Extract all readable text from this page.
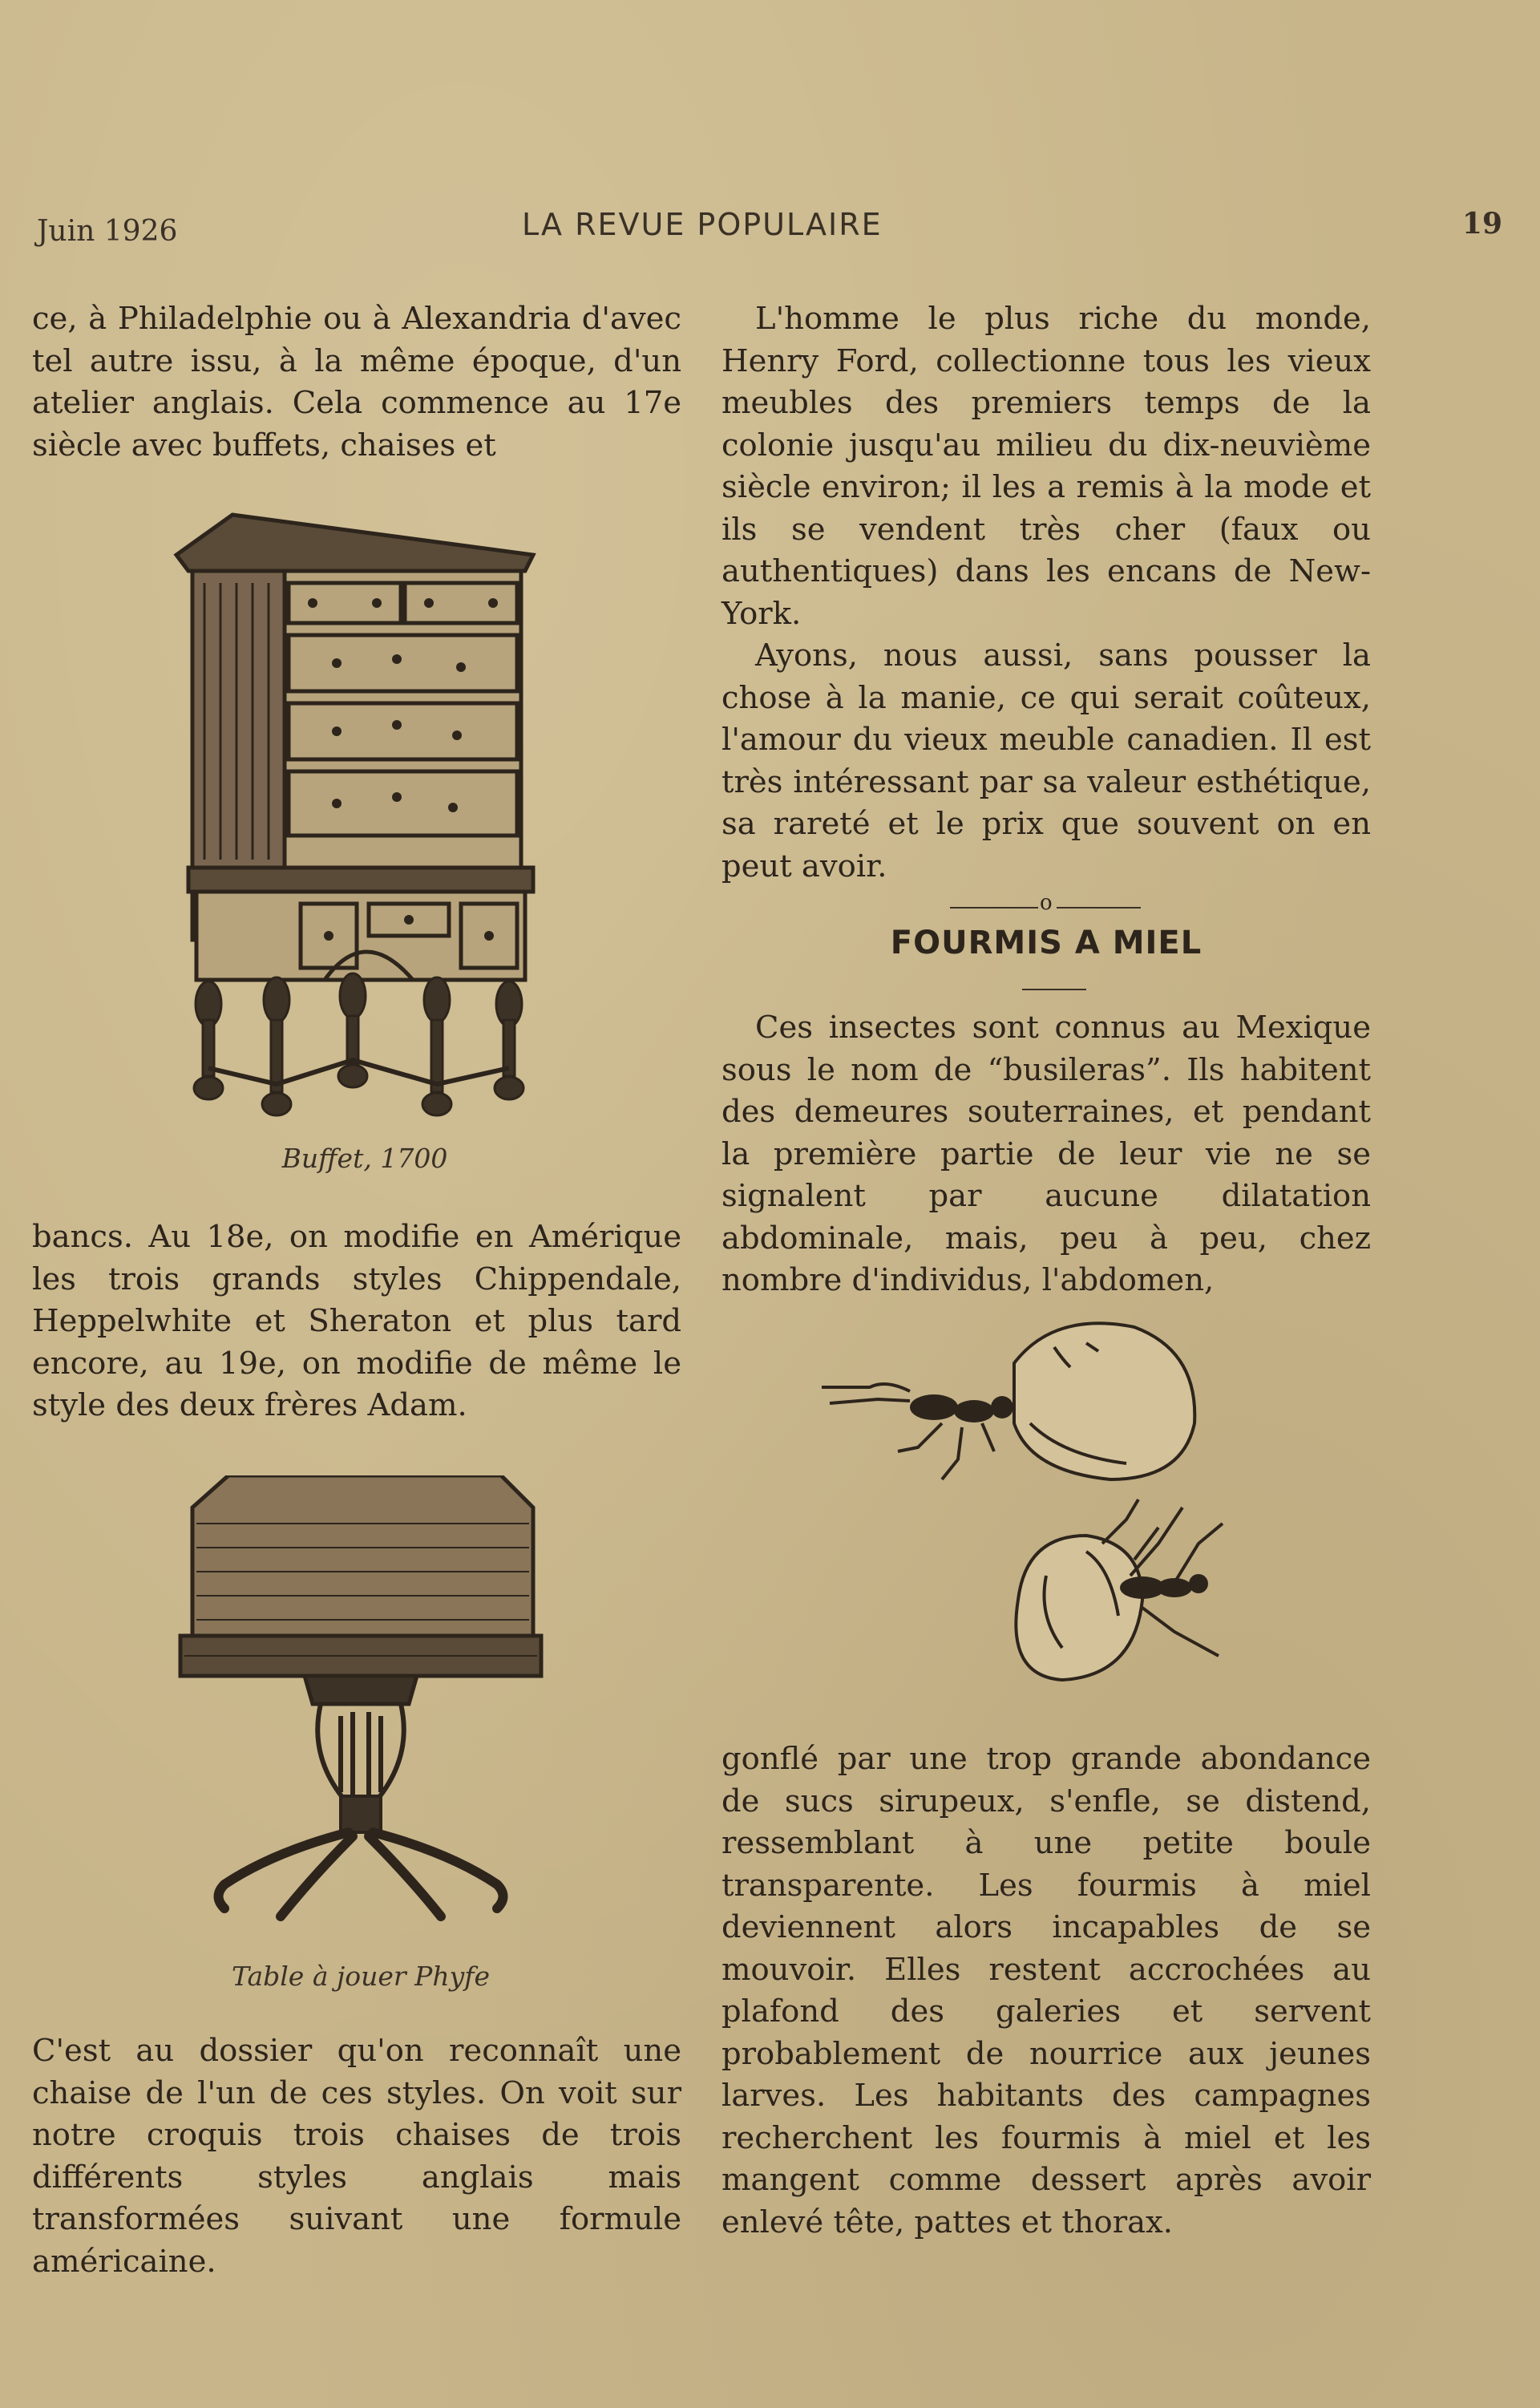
Juin 1926	LA REVUE POPULAIRE	19

ce, à Philadelphie ou à Alexandria d'avec tel autre issu, à la même époque, d'un atelier anglais. Cela commence au 17e siècle avec buffets, chaises et

Buffet, 1700

bancs. Au 18e, on modifie en Amérique les trois grands styles Chippendale, Heppelwhite et Sheraton et plus tard encore, au 19e, on modifie de même le style des deux frères Adam.

Table à jouer Phyfe

C'est au dossier qu'on reconnaît une chaise de l'un de ces styles. On voit sur notre croquis trois chaises de trois différents styles anglais mais transformées suivant une formule américaine.

L'homme le plus riche du monde, Henry Ford, collectionne tous les vieux meubles des premiers temps de la colonie jusqu'au milieu du dix-neuvième siècle environ; il les a remis à la mode et ils se vendent très cher (faux ou authentiques) dans les encans de New-York.

Ayons, nous aussi, sans pousser la chose à la manie, ce qui serait coûteux, l'amour du vieux meuble canadien. Il est très intéressant par sa valeur esthétique, sa rareté et le prix que souvent on en peut avoir.

o
FOURMIS A MIEL

Ces insectes sont connus au Mexique sous le nom de “busileras”. Ils habitent des demeures souterraines, et pendant la première partie de leur vie ne se signalent par aucune dilatation abdominale, mais, peu à peu, chez nombre d'individus, l'abdomen,

gonflé par une trop grande abondance de sucs sirupeux, s'enfle, se distend, ressemblant à une petite boule transparente. Les fourmis à miel deviennent alors incapables de se mouvoir. Elles restent accrochées au plafond des galeries et servent probablement de nourrice aux jeunes larves. Les habitants des campagnes recherchent les fourmis à miel et les mangent comme dessert après avoir enlevé tête, pattes et thorax.
